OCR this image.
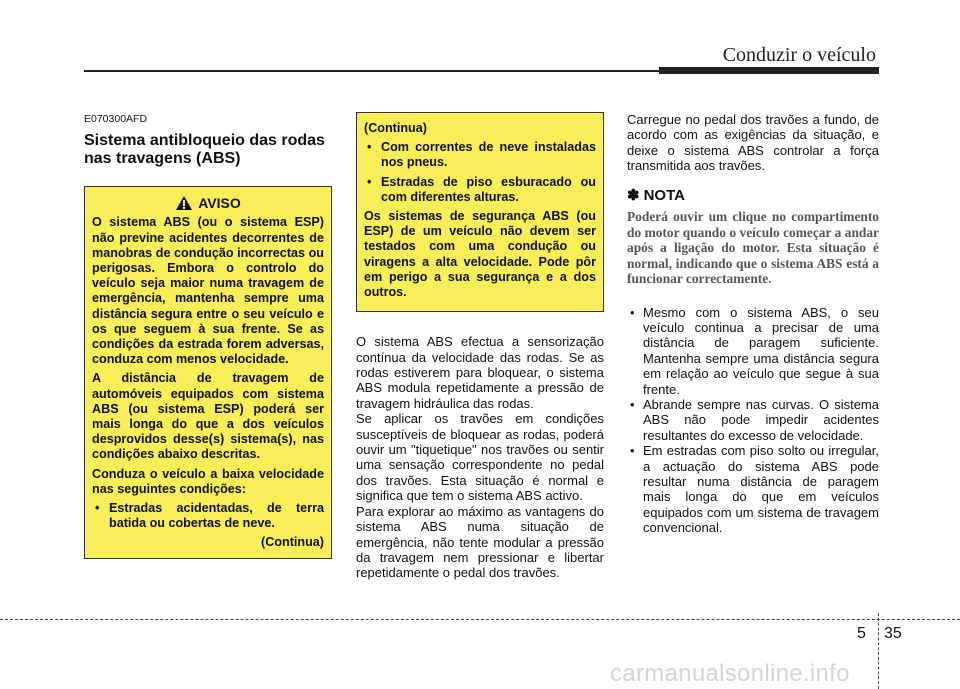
Conduzir o veículo
E070300AFD
Sistema antibloqueio das rodas nas travagens (ABS)
AVISO

O sistema ABS (ou o sistema ESP) não previne acidentes decorrentes de manobras de condução incorrectas ou perigosas. Embora o controlo do veículo seja maior numa travagem de emergência, mantenha sempre uma distância segura entre o seu veículo e os que seguem à sua frente. Se as condições da estrada forem adversas, conduza com menos velocidade.

A distância de travagem de automóveis equipados com sistema ABS (ou sistema ESP) poderá ser mais longa do que a dos veículos desprovidos desse(s) sistema(s), nas condições abaixo descritas.

Conduza o veículo a baixa velocidade nas seguintes condições:

• Estradas acidentadas, de terra batida ou cobertas de neve.
(Continua)
(Continua)
• Com correntes de neve instaladas nos pneus.
• Estradas de piso esburacado ou com diferentes alturas.

Os sistemas de segurança ABS (ou ESP) de um veículo não devem ser testados com uma condução ou viragens a alta velocidade. Pode pôr em perigo a sua segurança e a dos outros.

O sistema ABS efectua a sensorização contínua da velocidade das rodas. Se as rodas estiverem para bloquear, o sistema ABS modula repetidamente a pressão de travagem hidráulica das rodas.

Se aplicar os travões em condições susceptíveis de bloquear as rodas, poderá ouvir um "tiquetique" nos travões ou sentir uma sensação correspondente no pedal dos travões. Esta situação é normal e significa que tem o sistema ABS activo.

Para explorar ao máximo as vantagens do sistema ABS numa situação de emergência, não tente modular a pressão da travagem nem pressionar e libertar repetidamente o pedal dos travões.

Carregue no pedal dos travões a fundo, de acordo com as exigências da situação, e deixe o sistema ABS controlar a força transmitida aos travões.

✽ NOTA

Poderá ouvir um clique no compartimento do motor quando o veículo começar a andar após a ligação do motor. Esta situação é normal, indicando que o sistema ABS está a funcionar correctamente.

• Mesmo com o sistema ABS, o seu veículo continua a precisar de uma distância de paragem suficiente. Mantenha sempre uma distância segura em relação ao veículo que segue à sua frente.
• Abrande sempre nas curvas. O sistema ABS não pode impedir acidentes resultantes do excesso de velocidade.
• Em estradas com piso solto ou irregular, a actuação do sistema ABS pode resultar numa distância de paragem mais longa do que em veículos equipados com um sistema de travagem convencional.
5 35
carmanualsonline.info
